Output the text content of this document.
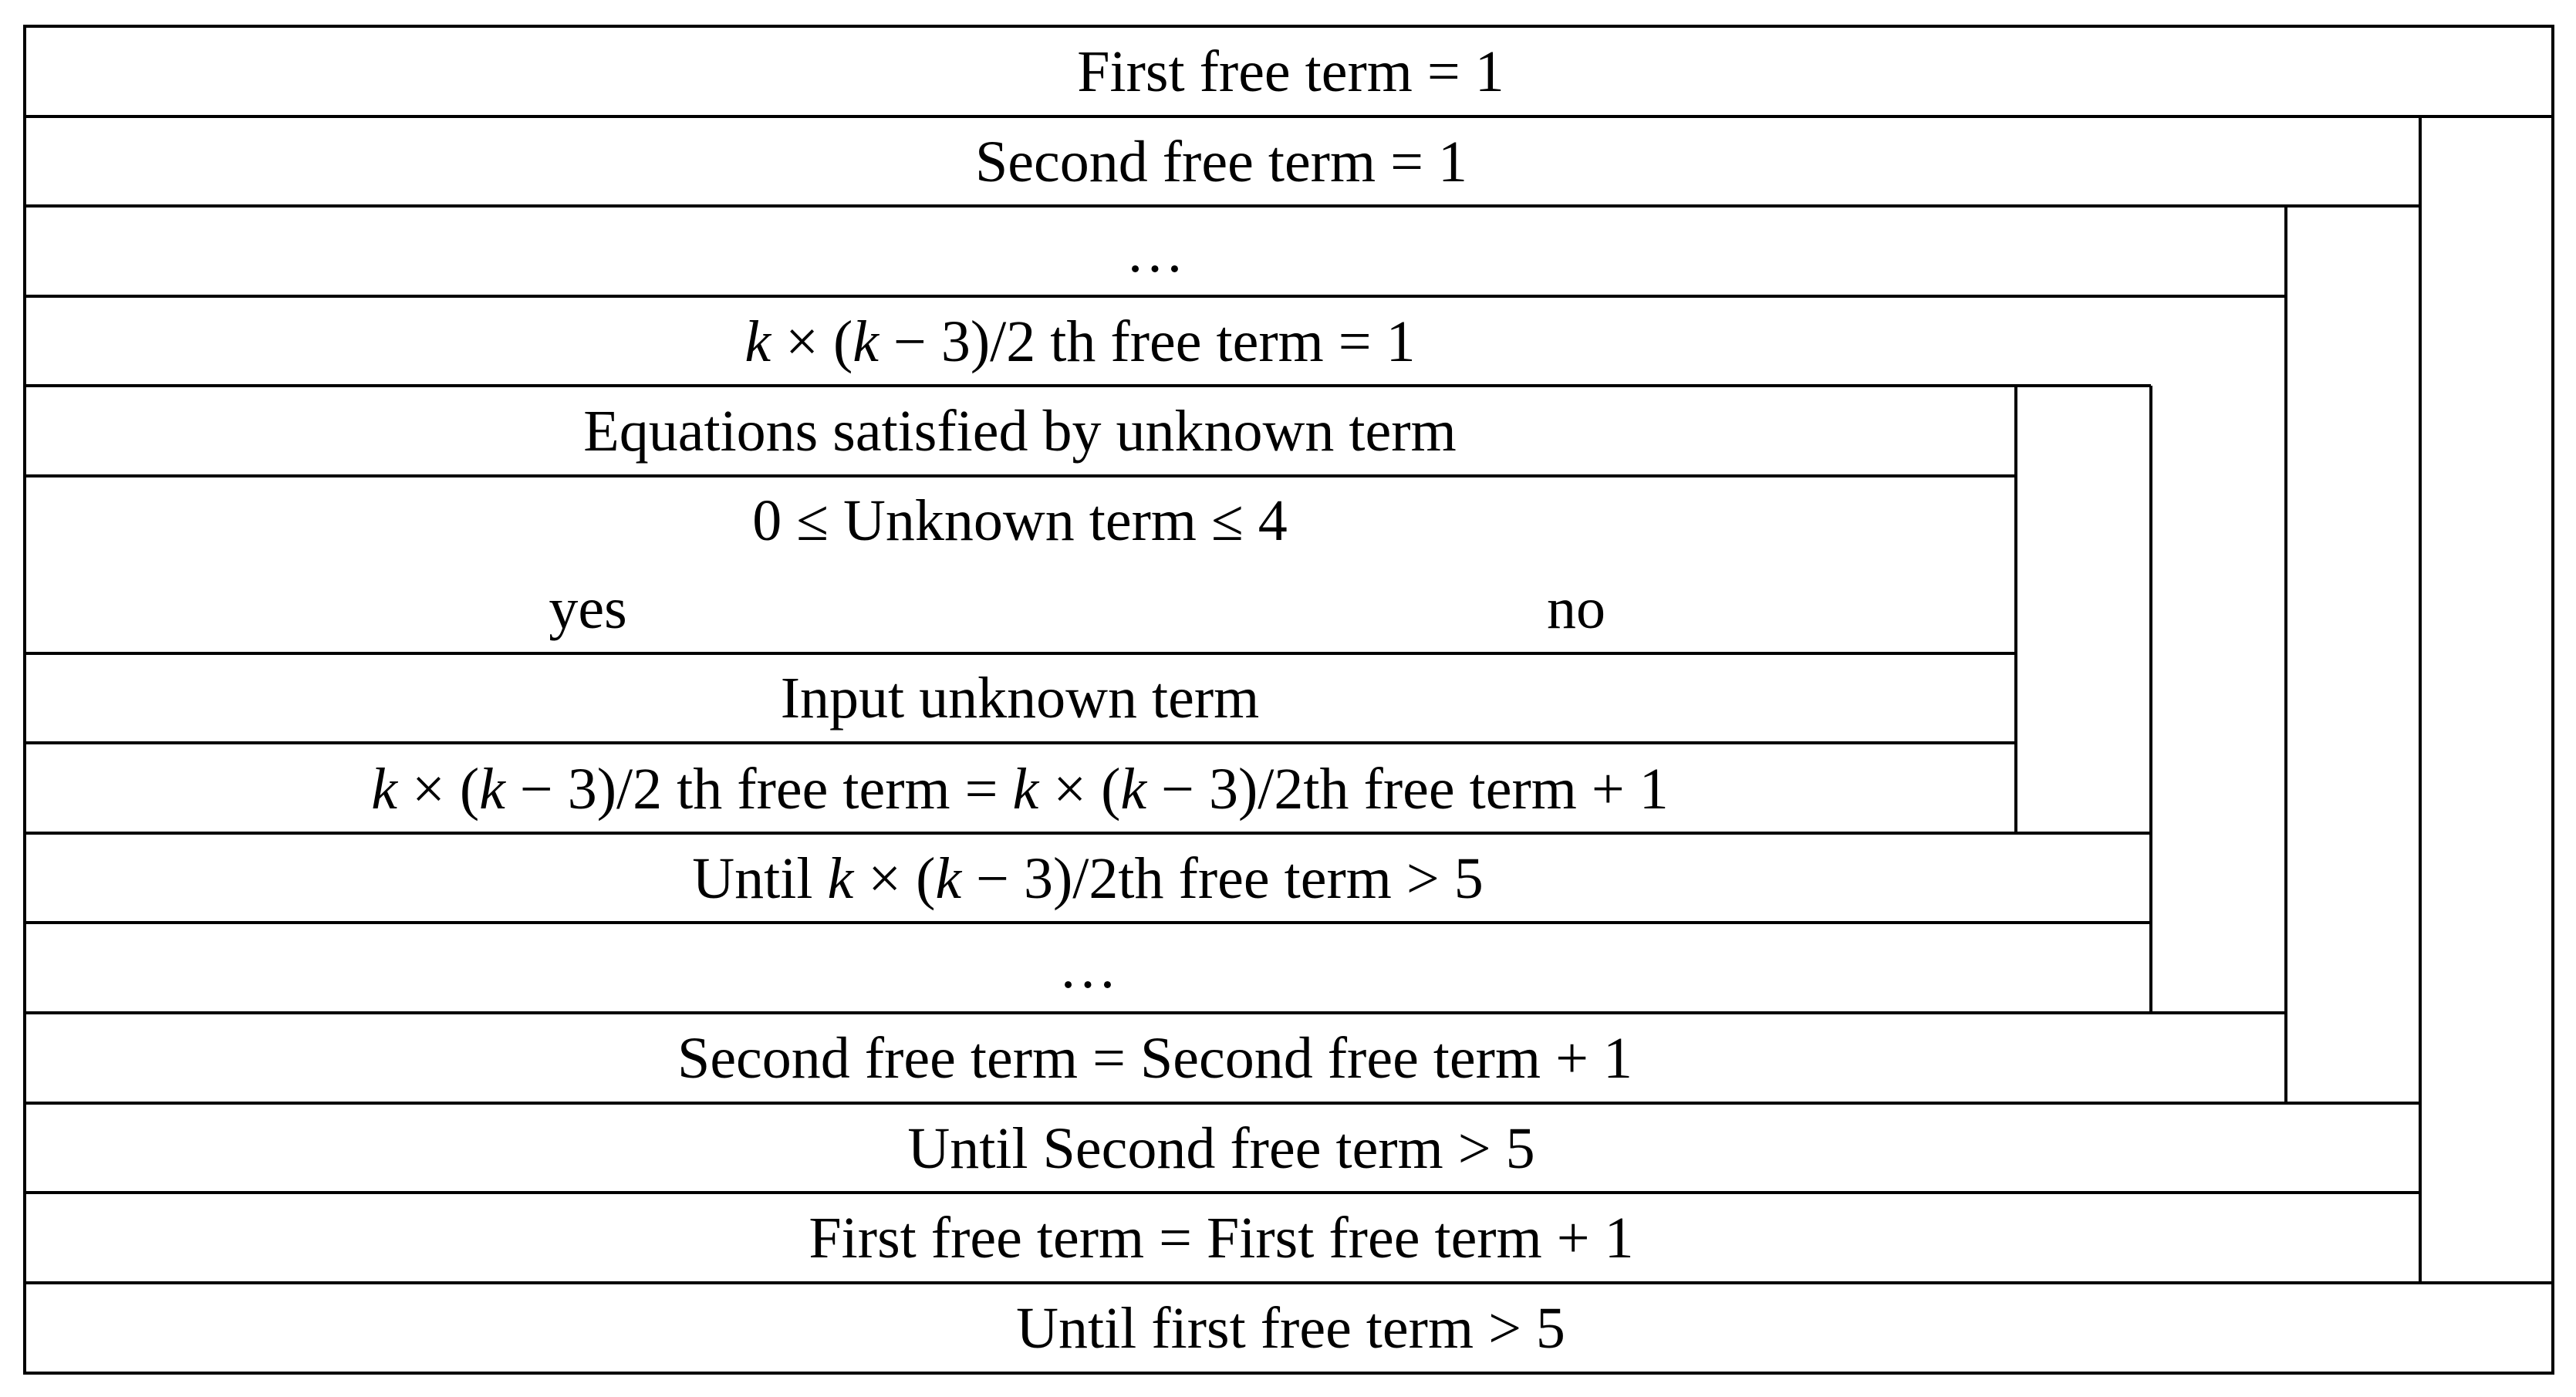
First free term = 1
Second free term = 1
…
k × (k − 3)/2 th free term = 1
Equations satisfied by unknown term
0 ≤ Unknown term ≤ 4
yes	no
Input unknown term
k × (k − 3)/2 th free term = k × (k − 3)/2th free term + 1
Until k × (k − 3)/2th free term > 5
…
Second free term = Second free term + 1
Until Second free term > 5
First free term = First free term + 1
Until first free term > 5
